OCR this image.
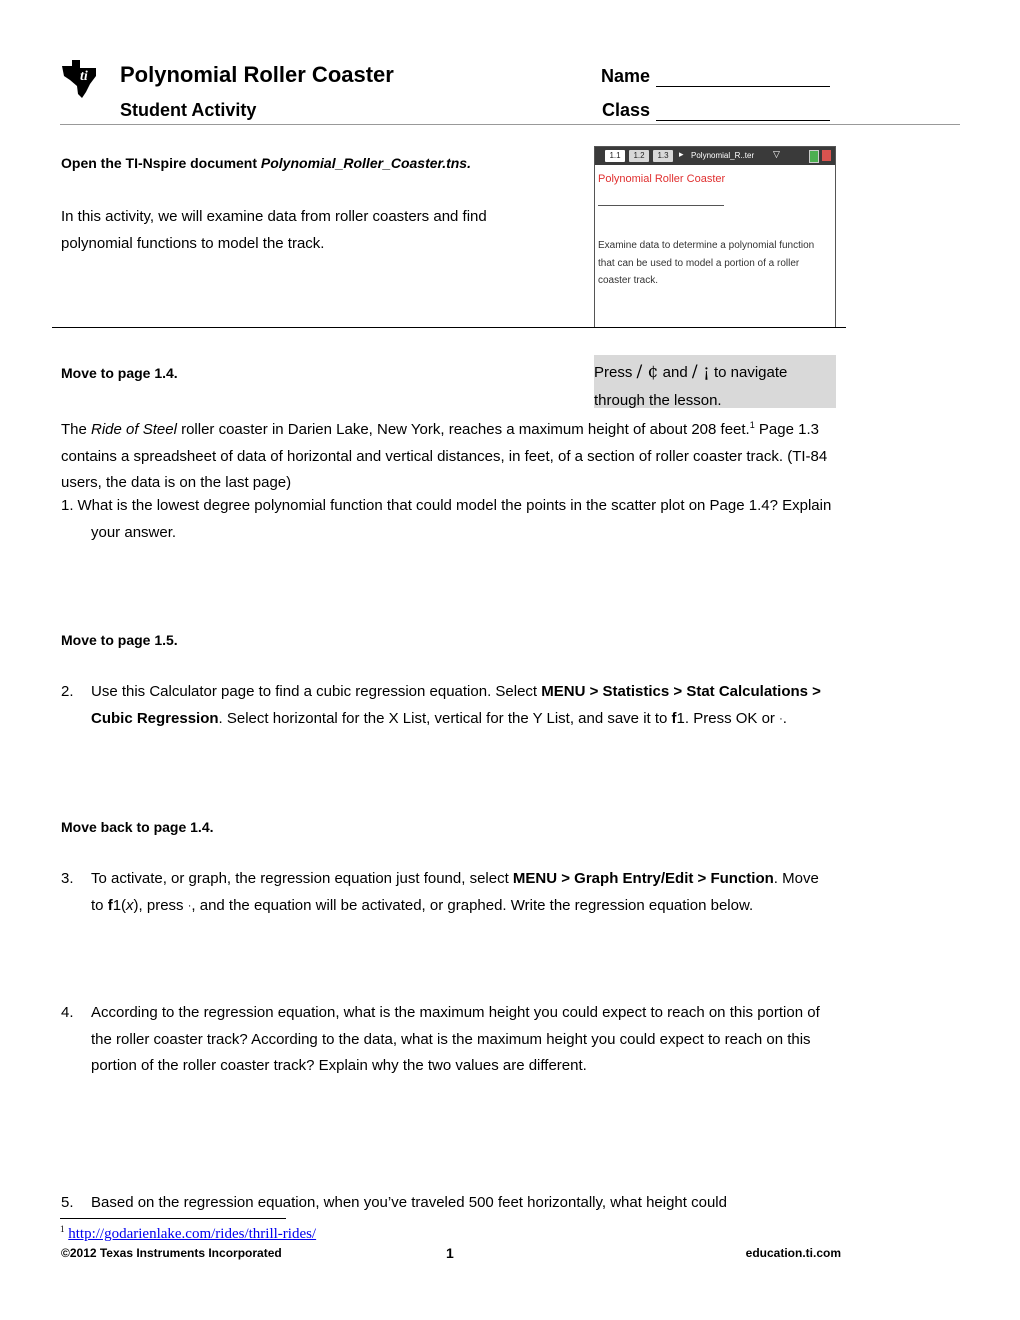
ti Polynomial Roller Coaster
Student Activity
Name
Class
Open the TI-Nspire document Polynomial_Roller_Coaster.tns.
In this activity, we will examine data from roller coasters and find polynomial functions to model the track.
1.1	1.2	1.3	▸ Polynomial_R..ter ▽
Polynomial Roller Coaster
Examine data to determine a polynomial function that can be used to model a portion of a roller coaster track.
Press / ¢ and / ¡ to navigate through the lesson.
Move to page 1.4.
The Ride of Steel roller coaster in Darien Lake, New York, reaches a maximum height of about 208 feet.$^1$ Page 1.3 contains a spreadsheet of data of horizontal and vertical distances, in feet, of a section of roller coaster track. (TI-84 users, the data is on the last page)
1. What is the lowest degree polynomial function that could model the points in the scatter plot on Page 1.4? Explain your answer.
Move to page 1.5.
2. Use this Calculator page to find a cubic regression equation. Select MENU > Statistics > Stat Calculations > Cubic Regression. Select horizontal for the X List, vertical for the Y List, and save it to f1. Press OK or ·.
Move back to page 1.4.
3. To activate, or graph, the regression equation just found, select MENU > Graph Entry/Edit > Function. Move to f1(x), press ·, and the equation will be activated, or graphed. Write the regression equation below.
4. According to the regression equation, what is the maximum height you could expect to reach on this portion of the roller coaster track? According to the data, what is the maximum height you could expect to reach on this portion of the roller coaster track? Explain why the two values are different.
5. Based on the regression equation, when you’ve traveled 500 feet horizontally, what height could
$^1$ http://godarienlake.com/rides/thrill-rides/
©2012 Texas Instruments Incorporated	1	education.ti.com
